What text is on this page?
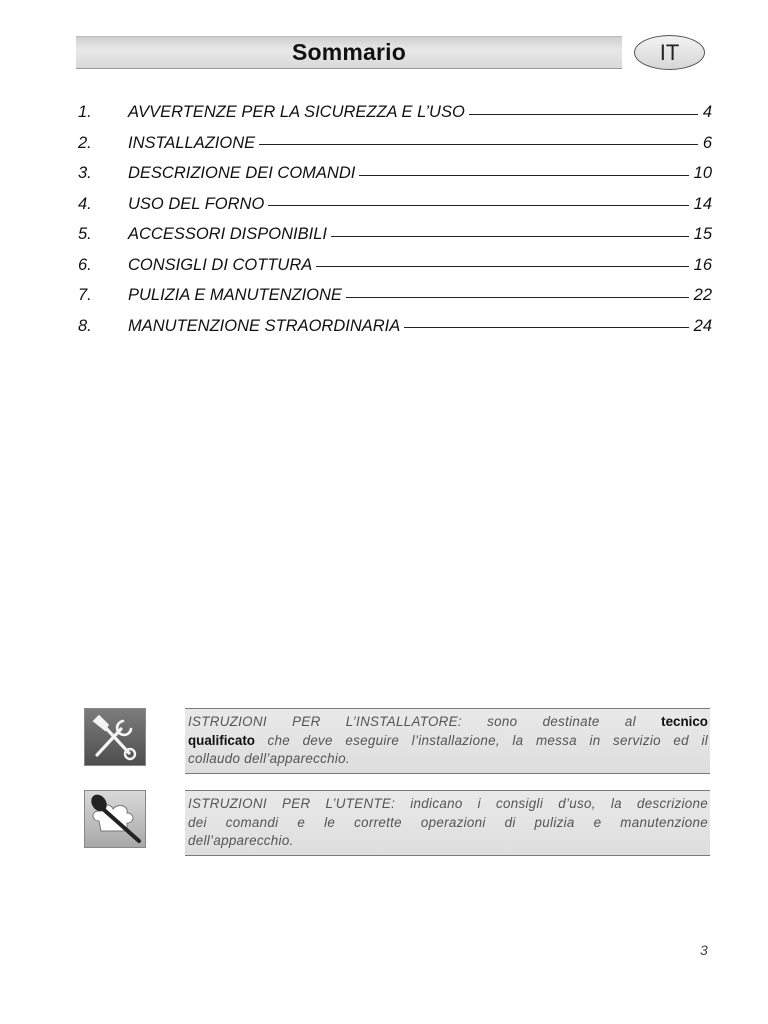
Sommario	IT
1.	AVVERTENZE PER LA SICUREZZA E L’USO	4
2.	INSTALLAZIONE	6
3.	DESCRIZIONE DEI COMANDI	10
4.	USO DEL FORNO	14
5.	ACCESSORI DISPONIBILI	15
6.	CONSIGLI DI COTTURA	16
7.	PULIZIA E MANUTENZIONE	22
8.	MANUTENZIONE STRAORDINARIA	24
ISTRUZIONI PER L’INSTALLATORE: sono destinate al tecnico
qualificato che deve eseguire l’installazione, la messa in servizio ed il
collaudo dell’apparecchio.
ISTRUZIONI PER L’UTENTE: indicano i consigli d’uso, la descrizione
dei comandi e le corrette operazioni di pulizia e manutenzione
dell’apparecchio.
3
